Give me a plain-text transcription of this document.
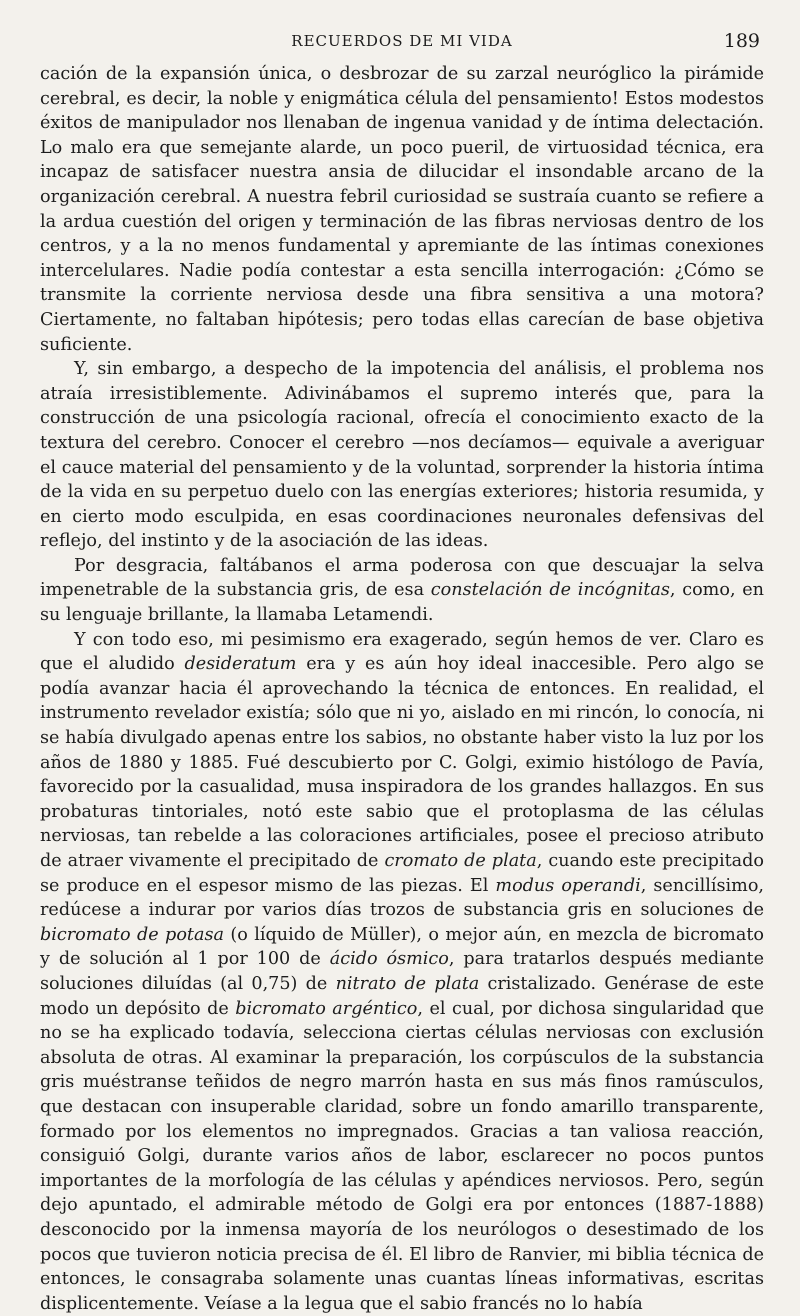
RECUERDOS DE MI VIDA	189

cación de la expansión única, o desbrozar de su zarzal neuróglico la pirámide cerebral, es decir, la noble y enigmática célula del pensamiento! Estos modestos éxitos de manipulador nos llenaban de ingenua vanidad y de íntima delectación. Lo malo era que semejante alarde, un poco pueril, de virtuosidad técnica, era incapaz de satisfacer nuestra ansia de dilucidar el insondable arcano de la organización cerebral. A nuestra febril curiosidad se sustraía cuanto se refiere a la ardua cuestión del origen y terminación de las fibras nerviosas dentro de los centros, y a la no menos fundamental y apremiante de las íntimas conexiones intercelulares. Nadie podía contestar a esta sencilla interrogación: ¿Cómo se transmite la corriente nerviosa desde una fibra sensitiva a una motora? Ciertamente, no faltaban hipótesis; pero todas ellas carecían de base objetiva suficiente.

Y, sin embargo, a despecho de la impotencia del análisis, el problema nos atraía irresistiblemente. Adivinábamos el supremo interés que, para la construcción de una psicología racional, ofrecía el conocimiento exacto de la textura del cerebro. Conocer el cerebro —nos decíamos— equivale a averiguar el cauce material del pensamiento y de la voluntad, sorprender la historia íntima de la vida en su perpetuo duelo con las energías exteriores; historia resumida, y en cierto modo esculpida, en esas coordinaciones neuronales defensivas del reflejo, del instinto y de la asociación de las ideas.

Por desgracia, faltábanos el arma poderosa con que descuajar la selva impenetrable de la substancia gris, de esa constelación de incógnitas, como, en su lenguaje brillante, la llamaba Letamendi.

Y con todo eso, mi pesimismo era exagerado, según hemos de ver. Claro es que el aludido desideratum era y es aún hoy ideal inaccesible. Pero algo se podía avanzar hacia él aprovechando la técnica de entonces. En realidad, el instrumento revelador existía; sólo que ni yo, aislado en mi rincón, lo conocía, ni se había divulgado apenas entre los sabios, no obstante haber visto la luz por los años de 1880 y 1885. Fué descubierto por C. Golgi, eximio histólogo de Pavía, favorecido por la casualidad, musa inspiradora de los grandes hallazgos. En sus probaturas tintoriales, notó este sabio que el protoplasma de las células nerviosas, tan rebelde a las coloraciones artificiales, posee el precioso atributo de atraer vivamente el precipitado de cromato de plata, cuando este precipitado se produce en el espesor mismo de las piezas. El modus operandi, sencillísimo, redúcese a indurar por varios días trozos de substancia gris en soluciones de bicromato de potasa (o líquido de Müller), o mejor aún, en mezcla de bicromato y de solución al 1 por 100 de ácido ósmico, para tratarlos después mediante soluciones diluídas (al 0,75) de nitrato de plata cristalizado. Genérase de este modo un depósito de bicromato argéntico, el cual, por dichosa singularidad que no se ha explicado todavía, selecciona ciertas células nerviosas con exclusión absoluta de otras. Al examinar la preparación, los corpúsculos de la substancia gris muéstranse teñidos de negro marrón hasta en sus más finos ramúsculos, que destacan con insuperable claridad, sobre un fondo amarillo transparente, formado por los elementos no impregnados. Gracias a tan valiosa reacción, consiguió Golgi, durante varios años de labor, esclarecer no pocos puntos importantes de la morfología de las células y apéndices nerviosos. Pero, según dejo apuntado, el admirable método de Golgi era por entonces (1887-1888) desconocido por la inmensa mayoría de los neurólogos o desestimado de los pocos que tuvieron noticia precisa de él. El libro de Ranvier, mi biblia técnica de entonces, le consagraba solamente unas cuantas líneas informativas, escritas displicentemente. Veíase a la legua que el sabio francés no lo había
